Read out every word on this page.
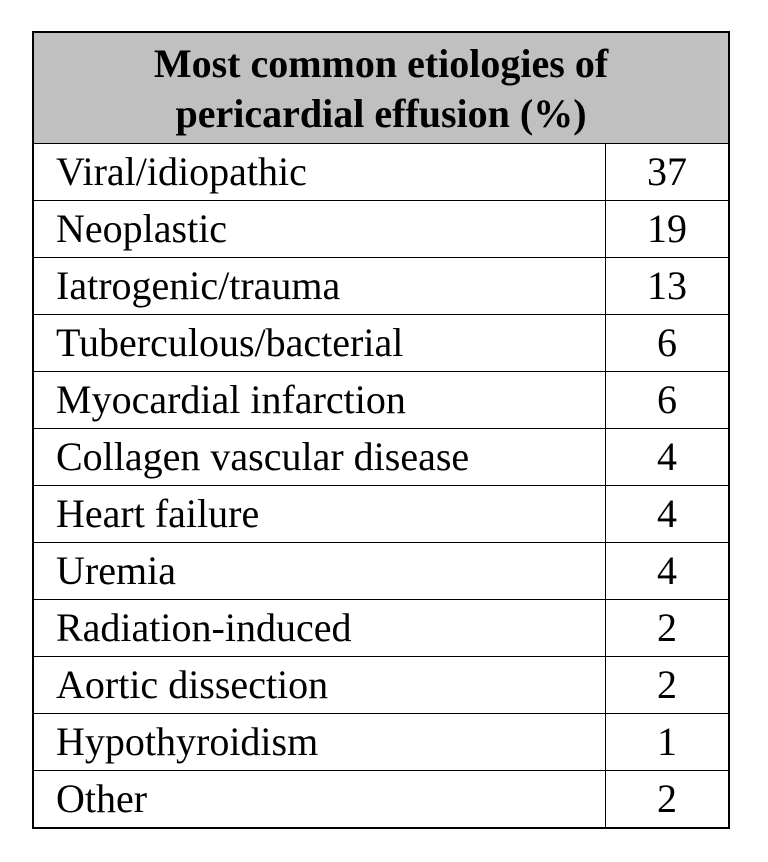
Most common etiologies of
pericardial effusion (%)	
Viral/idiopathic	37
Neoplastic	19
Iatrogenic/trauma	13
Tuberculous/bacterial	6
Myocardial infarction	6
Collagen vascular disease	4
Heart failure	4
Uremia	4
Radiation-induced	2
Aortic dissection	2
Hypothyroidism	1
Other	2
